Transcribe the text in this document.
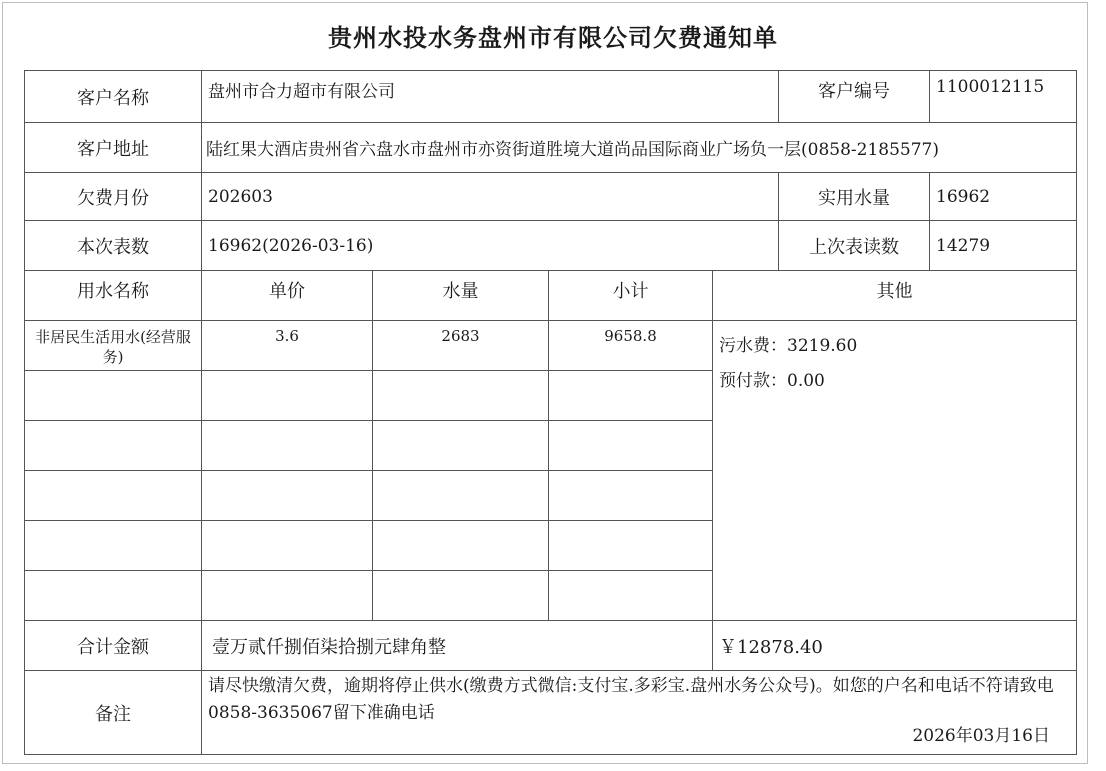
贵州水投水务盘州市有限公司欠费通知单
客户名称	盘州市合力超市有限公司				客户编号	1100012115
客户地址	陆红果大酒店贵州省六盘水市盘州市亦资街道胜境大道尚品国际商业广场负一层(0858-2185577)					
欠费月份	202603				实用水量	16962
本次表数	16962(2026-03-16)				上次表读数	14279
用水名称	单价	水量	小计	其他		
非居民生活用水(经营服务)	3.6	2683	9658.8	污水费：3219.60
预付款：0.00		

合计金额	壹万贰仟捌佰柒拾捌元肆角整			￥12878.40		
备注	请尽快缴清欠费，逾期将停止供水(缴费方式微信:支付宝.多彩宝.盘州水务公众号)。如您的户名和电话不符请致电0858-3635067留下准确电话
2026年03月16日					
